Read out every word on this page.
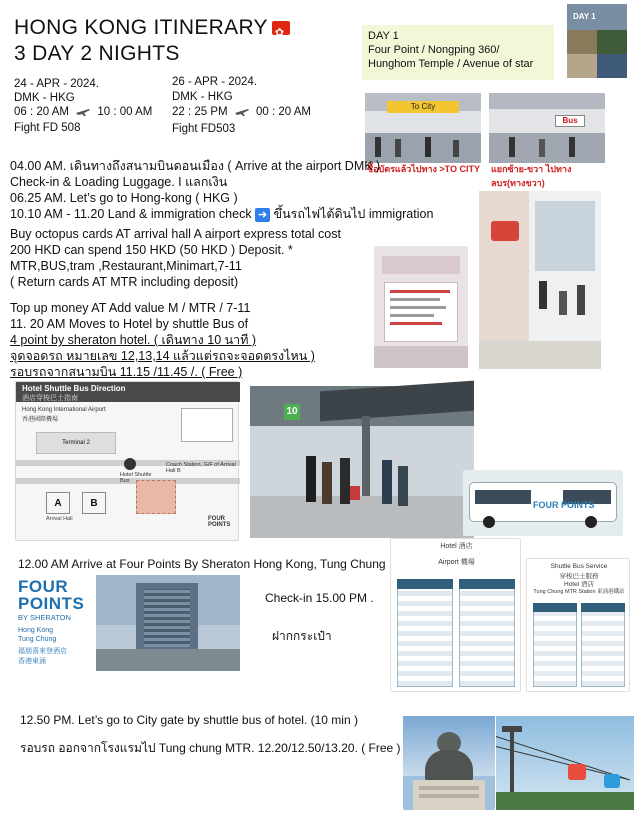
HONG KONG ITINERARY✿
3 DAY 2 NIGHTS
24 - APR - 2024.
DMK - HKG
06 : 20 AM 10 : 00 AM
Fight FD 508
26 - APR - 2024.
DMK - HKG
22 : 25 PM 00 : 20 AM
Fight FD503
DAY 1
Four Point / Nongping 360/
Hunghom Temple / Avenue of star
DAY 1
To City
ซื้อบัตรแล้วไปทาง >TO CITY
Bus
แยกซ้าย-ขวา ไปทางลบร(ทางขวา)
04.00 AM. เดินทางถึงสนามบินดอนเมือง ( Arrive at the airport DMK )
Check-in & Loading Luggage. I แลกเงิน
06.25 AM. Let’s go to Hong-kong ( HKG )
10.10 AM - 11.20 Land & immigration check ➜ ขึ้นรถไฟไต้ดินไป immigration
Buy octopus cards AT arrival hall A airport express total cost
200 HKD can spend 150 HKD (50 HKD ) Deposit. *
MTR,BUS,tram ,Restaurant,Minimart,7-11
( Return cards AT MTR including deposit)
Top up money AT Add value M / MTR / 7-11
11. 20 AM Moves to Hotel by shuttle Bus of
4 point by sheraton hotel. ( เดินทาง 10 นาที )
จุดจอดรถ หมายเลข 12,13,14 แล้วแต่รถจะจอดตรงไหน )
รอบรถจากสนามบิน 11.15 /11.45 /. ( Free )
Hotel Shuttle Bus Direction
酒店穿梭巴士指南
Hong Kong International Airport
香港國際機場
Terminal 2
A	B
Arrival Hall
Hotel Shuttle Bus
Coach Station, G/F of Arrival Hall B
FOUR POINTS
10
FOUR POINTS
12.00 AM Arrive at Four Points By Sheraton Hong Kong, Tung Chung
FOUR
POINTS
BY SHERATON
Hong Kong
Tung Chung
福朋喜來登酒店
香港東涌
Check-in 15.00 PM .
ฝากกระเป๋า
Hotel 酒店
Airport 機場
Shuttle Bus Service
穿梭巴士服務
Hotel 酒店
Tung Chung MTR Station 東涌港鐵站
12.50 PM. Let’s go to City gate by shuttle bus of hotel. (10 min )
รอบรถ ออกจากโรงแรมไป Tung chung MTR. 12.20/12.50/13.20. ( Free )
